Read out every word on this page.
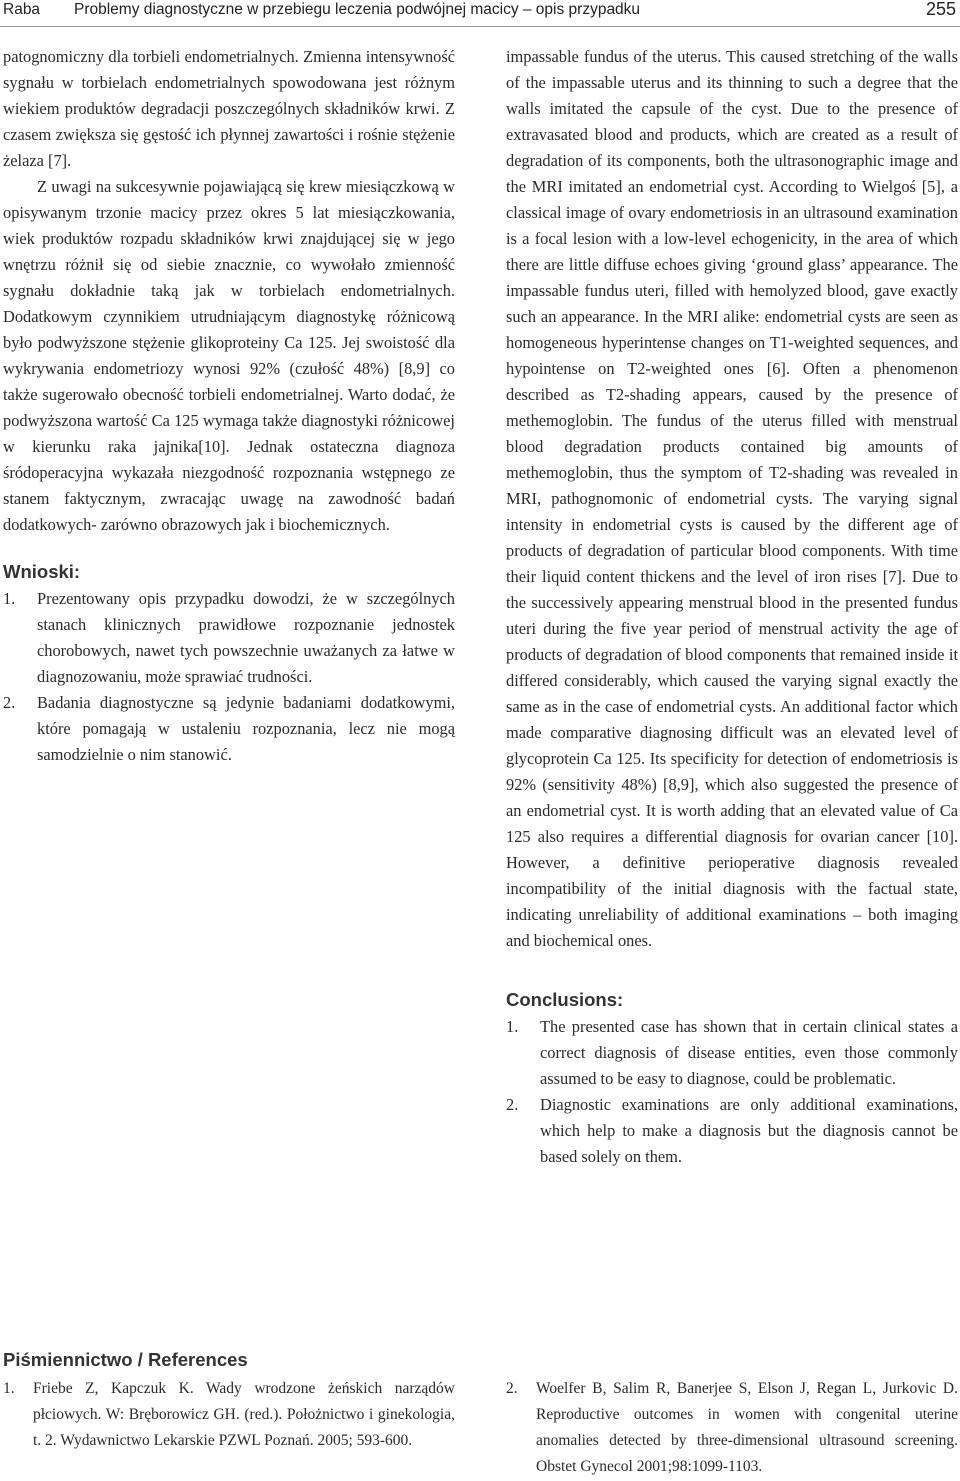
Raba Problemy diagnostyczne w przebiegu leczenia podwójnej macicy – opis przypadku	255

patognomiczny dla torbieli endometrialnych. Zmienna intensywność sygnału w torbielach endometrialnych spowodowana jest różnym wiekiem produktów degradacji poszczególnych składników krwi. Z czasem zwiększa się gęstość ich płynnej zawartości i rośnie stężenie żelaza [7].

Z uwagi na sukcesywnie pojawiającą się krew miesiączkową w opisywanym trzonie macicy przez okres 5 lat miesiączkowania, wiek produktów rozpadu składników krwi znajdującej się w jego wnętrzu różnił się od siebie znacznie, co wywołało zmienność sygnału dokładnie taką jak w torbielach endometrialnych. Dodatkowym czynnikiem utrudniającym diagnostykę różnicową było podwyższone stężenie glikoproteiny Ca 125. Jej swoistość dla wykrywania endometriozy wynosi 92% (czułość 48%) [8,9] co także sugerowało obecność torbieli endometrialnej. Warto dodać, że podwyższona wartość Ca 125 wymaga także diagnostyki różnicowej w kierunku raka jajnika[10]. Jednak ostateczna diagnoza śródoperacyjna wykazała niezgodność rozpoznania wstępnego ze stanem faktycznym, zwracając uwagę na zawodność badań dodatkowych- zarówno obrazowych jak i biochemicznych.

Wnioski:
1. Prezentowany opis przypadku dowodzi, że w szczególnych stanach klinicznych prawidłowe rozpoznanie jednostek chorobowych, nawet tych powszechnie uważanych za łatwe w diagnozowaniu, może sprawiać trudności.
2. Badania diagnostyczne są jedynie badaniami dodatkowymi, które pomagają w ustaleniu rozpoznania, lecz nie mogą samodzielnie o nim stanowić.

impassable fundus of the uterus. This caused stretching of the walls of the impassable uterus and its thinning to such a degree that the walls imitated the capsule of the cyst. Due to the presence of extravasated blood and products, which are created as a result of degradation of its components, both the ultrasonographic image and the MRI imitated an endometrial cyst. According to Wielgoś [5], a classical image of ovary endometriosis in an ultrasound examination is a focal lesion with a low-level echogenicity, in the area of which there are little diffuse echoes giving ‘ground glass’ appearance. The impassable fundus uteri, filled with hemolyzed blood, gave exactly such an appearance. In the MRI alike: endometrial cysts are seen as homogeneous hyperintense changes on T1-weighted sequences, and hypointense on T2-weighted ones [6]. Often a phenomenon described as T2-shading appears, caused by the presence of methemoglobin. The fundus of the uterus filled with menstrual blood degradation products contained big amounts of methemoglobin, thus the symptom of T2-shading was revealed in MRI, pathognomonic of endometrial cysts. The varying signal intensity in endometrial cysts is caused by the different age of products of degradation of particular blood components. With time their liquid content thickens and the level of iron rises [7]. Due to the successively appearing menstrual blood in the presented fundus uteri during the five year period of menstrual activity the age of products of degradation of blood components that remained inside it differed considerably, which caused the varying signal exactly the same as in the case of endometrial cysts. An additional factor which made comparative diagnosing difficult was an elevated level of glycoprotein Ca 125. Its specificity for detection of endometriosis is 92% (sensitivity 48%) [8,9], which also suggested the presence of an endometrial cyst. It is worth adding that an elevated value of Ca 125 also requires a differential diagnosis for ovarian cancer [10]. However, a definitive perioperative diagnosis revealed incompatibility of the initial diagnosis with the factual state, indicating unreliability of additional examinations – both imaging and biochemical ones.

Conclusions:
1. The presented case has shown that in certain clinical states a correct diagnosis of disease entities, even those commonly assumed to be easy to diagnose, could be problematic.
2. Diagnostic examinations are only additional examinations, which help to make a diagnosis but the diagnosis cannot be based solely on them.
Piśmiennictwo / References
1. Friebe Z, Kapczuk K. Wady wrodzone żeńskich narządów płciowych. W: Bręborowicz GH. (red.). Położnictwo i ginekologia, t. 2. Wydawnictwo Lekarskie PZWL Poznań. 2005; 593-600.
2. Woelfer B, Salim R, Banerjee S, Elson J, Regan L, Jurkovic D. Reproductive outcomes in women with congenital uterine anomalies detected by three-dimensional ultrasound screening. Obstet Gynecol 2001;98:1099-1103.
